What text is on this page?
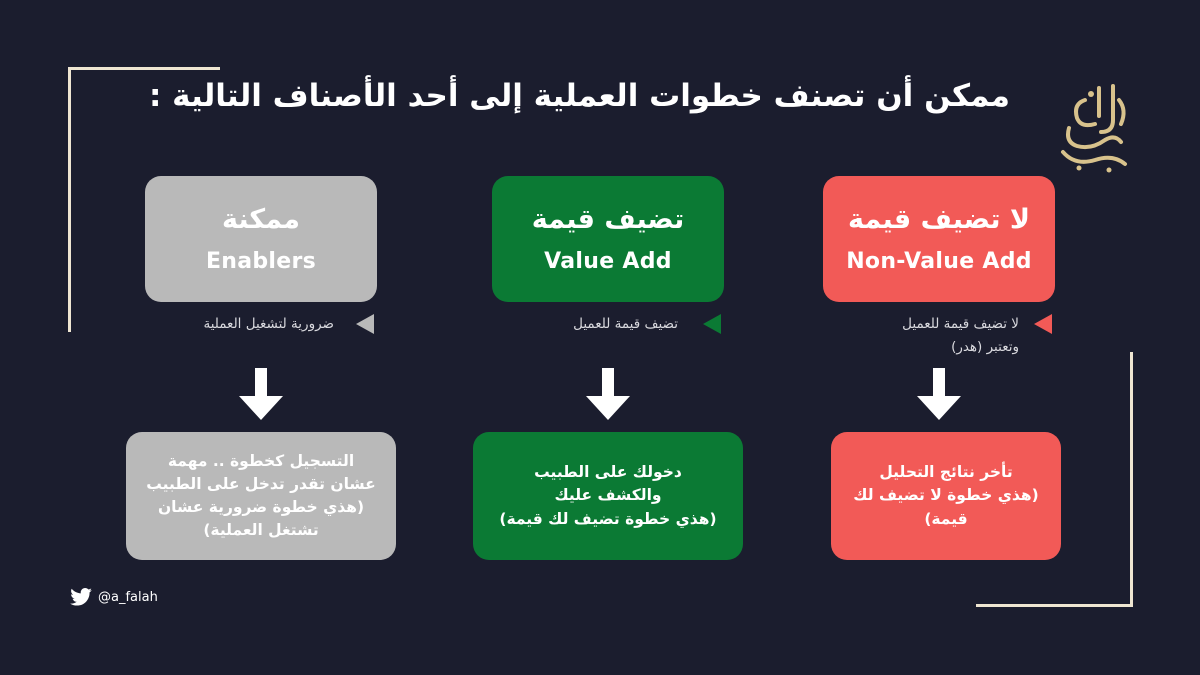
ممكن أن تصنف خطوات العملية إلى أحد الأصناف التالية :
لا تضيف قيمة
Non-Value Add
تضيف قيمة
Value Add
ممكنة
Enablers
لا تضيف قيمة للعميل
وتعتبر (هدر)
تضيف قيمة للعميل
ضرورية لتشغيل العملية
تأخر نتائج التحليل
(هذي خطوة لا تضيف لك
قيمة)
دخولك على الطبيب
والكشف عليك
(هذي خطوة تضيف لك قيمة)
التسجيل كخطوة .. مهمة
عشان تقدر تدخل على الطبيب
(هذي خطوة ضرورية عشان
تشتغل العملية)
@a_falah
